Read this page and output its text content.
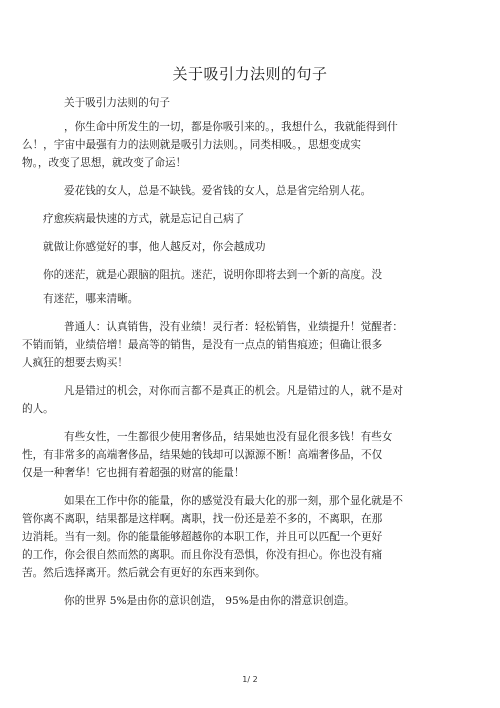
关于吸引力法则的句子

关于吸引力法则的句子

，你生命中所发生的一切，都是你吸引来的。，我想什么，我就能得到什
么！，宇宙中最强有力的法则就是吸引力法则。，同类相吸。，思想变成实
物。，改变了思想，就改变了命运！

爱花钱的女人，总是不缺钱。爱省钱的女人，总是省完给别人花。

疗愈疾病最快速的方式，就是忘记自己病了

就做让你感觉好的事，他人越反对，你会越成功

你的迷茫，就是心跟脑的阻抗。迷茫，说明你即将去到一个新的高度。没

有迷茫，哪来清晰。

普通人：认真销售，没有业绩！灵行者：轻松销售，业绩提升！觉醒者：
不销而销，业绩倍增！最高等的销售，是没有一点点的销售痕迹；但确让很多
人疯狂的想要去购买！

凡是错过的机会，对你而言都不是真正的机会。凡是错过的人，就不是对
的人。

有些女性，一生都很少使用奢侈品，结果她也没有显化很多钱！有些女
性，有非常多的高端奢侈品，结果她的钱却可以源源不断！高端奢侈品，不仅
仅是一种奢华！它也拥有着超强的财富的能量！

如果在工作中你的能量，你的感觉没有最大化的那一刻，那个显化就是不
管你离不离职，结果都是这样啊。离职，找一份还是差不多的，不离职，在那
边消耗。当有一刻。你的能量能够超越你的本职工作，并且可以匹配一个更好
的工作，你会很自然而然的离职。而且你没有恐惧，你没有担心。你也没有痛
苦。然后选择离开。然后就会有更好的东西来到你。

你的世界 5%是由你的意识创造， 95%是由你的潜意识创造。

1/ 2
